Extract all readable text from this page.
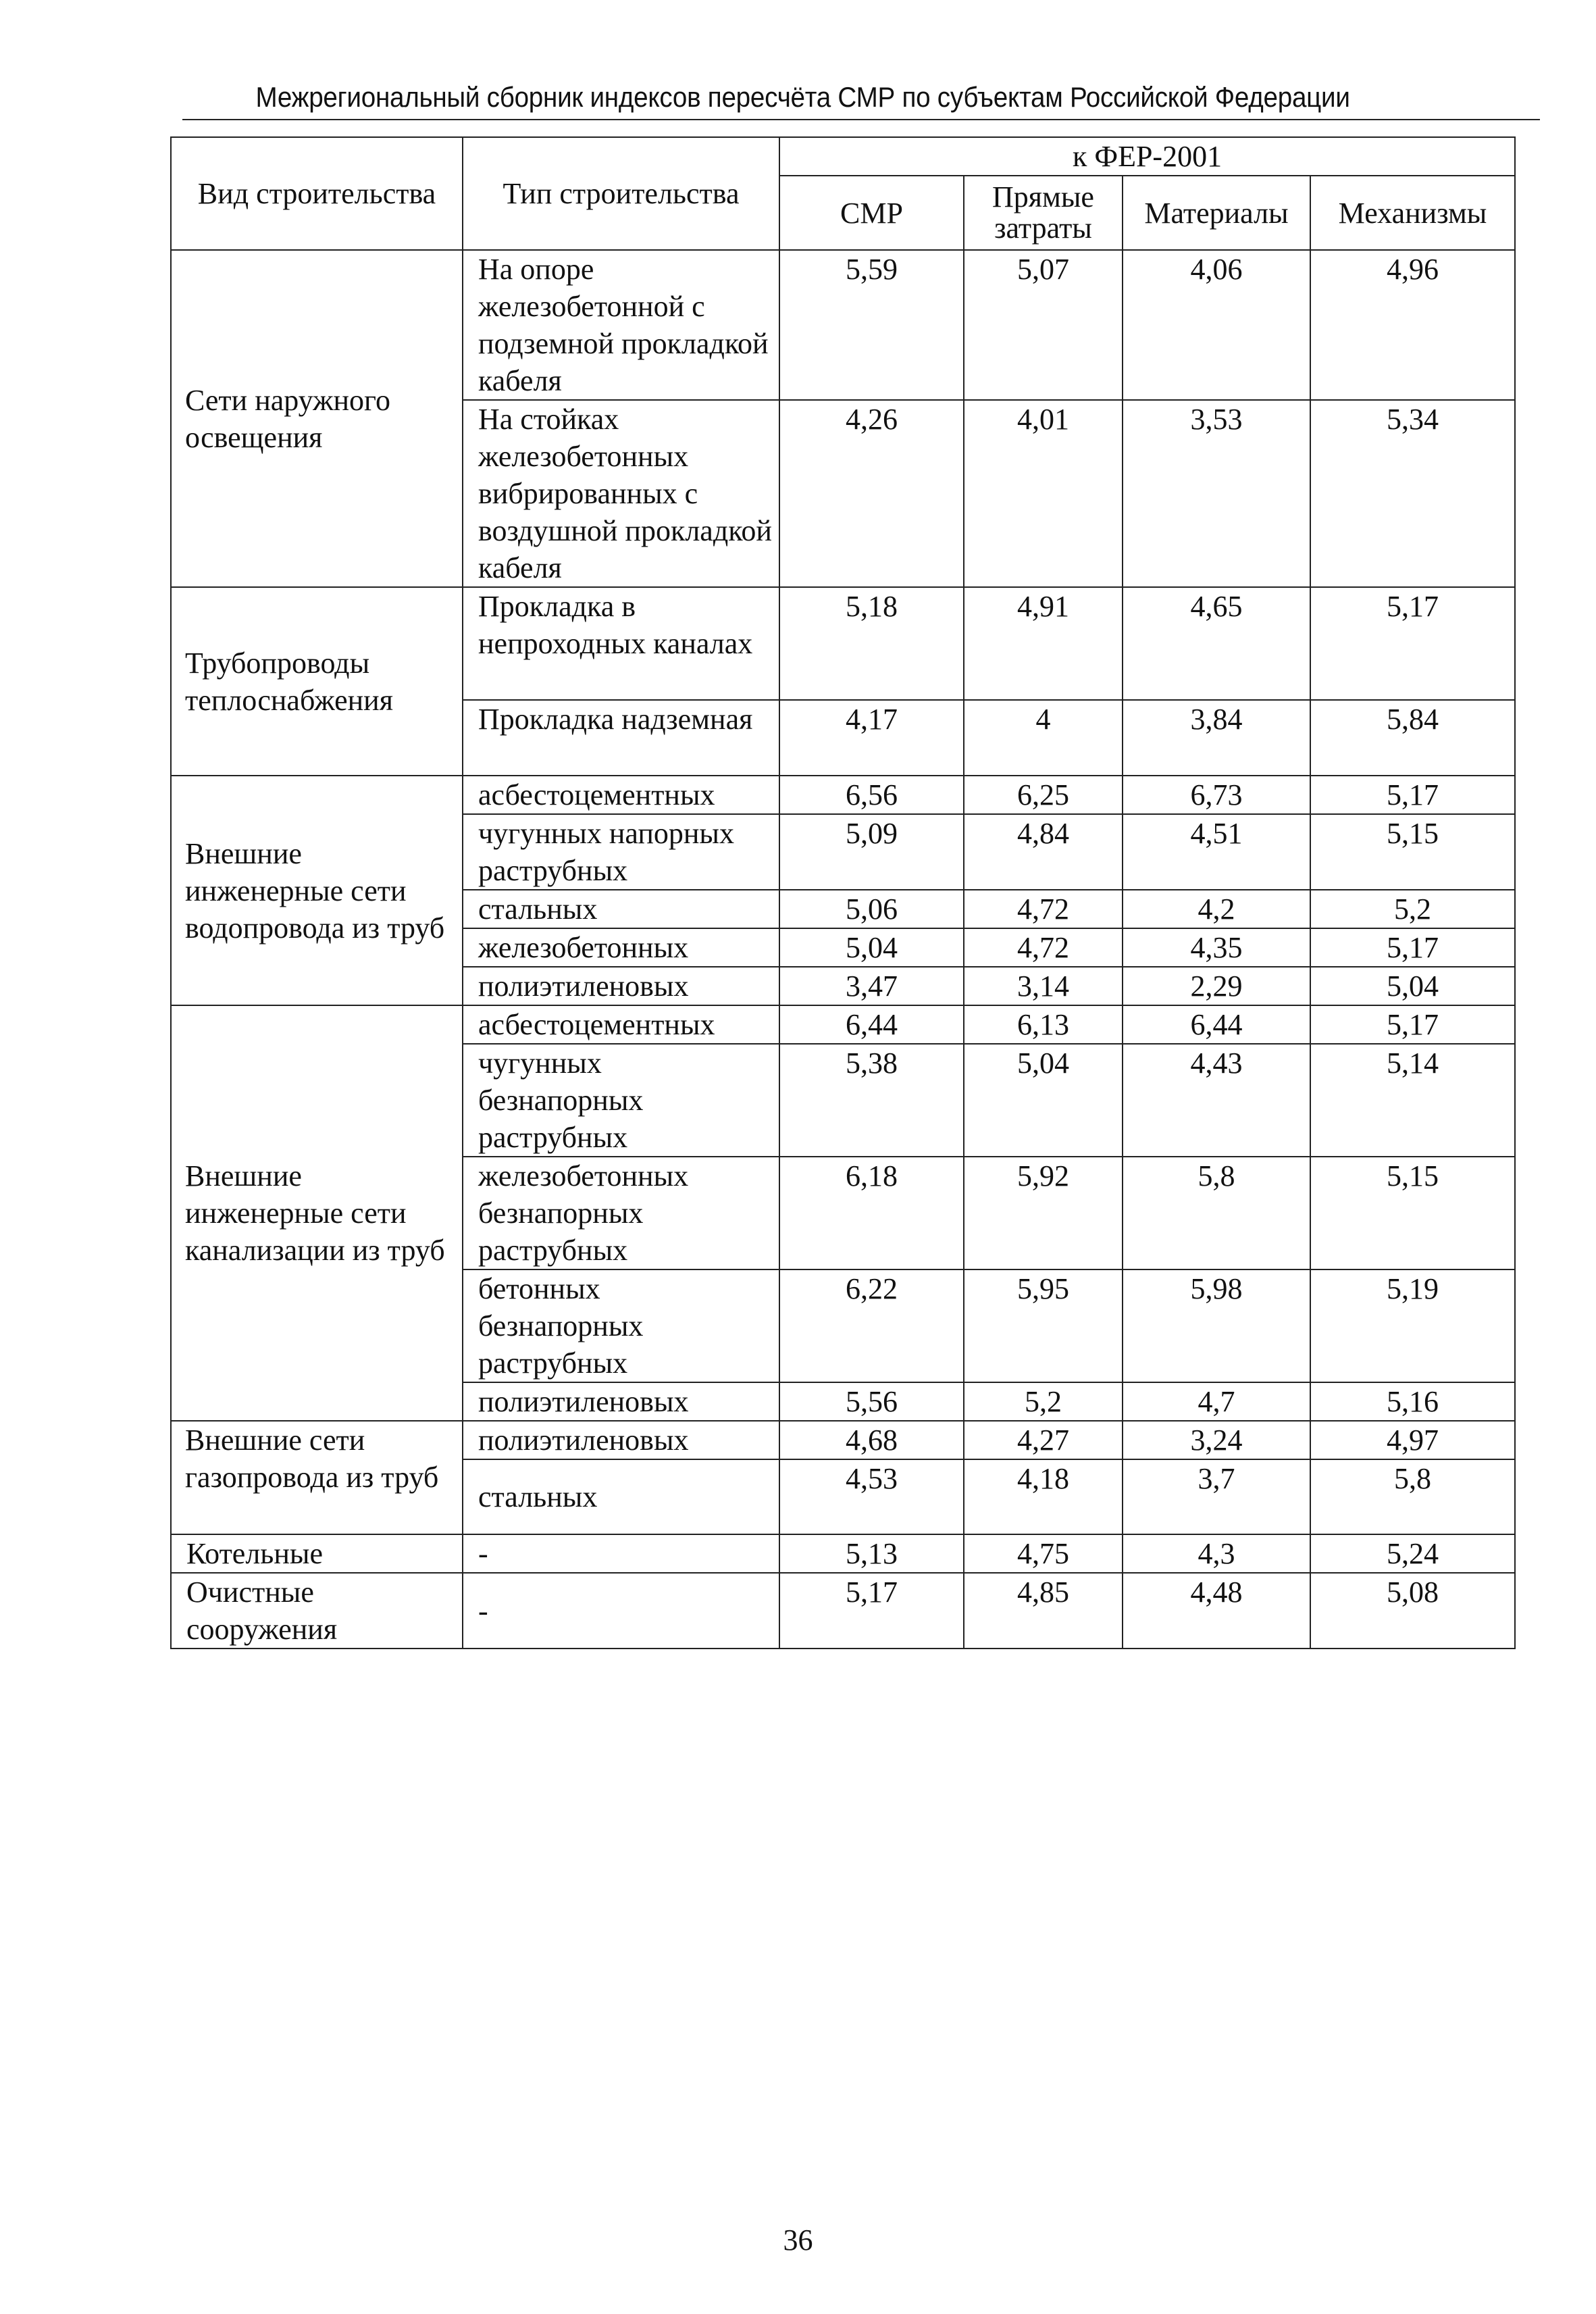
Межрегиональный сборник индексов пересчёта СМР по субъектам Российской Федерации
Вид строительства	Тип строительства	к ФЕР-2001			
		СМР	Прямые затраты	Материалы	Механизмы
Сети наружного освещения	На опоре железобетонной с подземной прокладкой кабеля	5,59	5,07	4,06	4,96
	На стойках железобетонных вибрированных с воздушной прокладкой кабеля	4,26	4,01	3,53	5,34
Трубопроводы теплоснабжения	Прокладка в непроходных каналах	5,18	4,91	4,65	5,17
	Прокладка надземная	4,17	4	3,84	5,84
Внешние инженерные сети водопровода из труб	асбестоцементных	6,56	6,25	6,73	5,17
	чугунных напорных раструбных	5,09	4,84	4,51	5,15
	стальных	5,06	4,72	4,2	5,2
	железобетонных	5,04	4,72	4,35	5,17
	полиэтиленовых	3,47	3,14	2,29	5,04
Внешние инженерные сети канализации из труб	асбестоцементных	6,44	6,13	6,44	5,17
	чугунных безнапорных раструбных	5,38	5,04	4,43	5,14
	железобетонных безнапорных раструбных	6,18	5,92	5,8	5,15
	бетонных безнапорных раструбных	6,22	5,95	5,98	5,19
	полиэтиленовых	5,56	5,2	4,7	5,16
Внешние сети газопровода из труб	полиэтиленовых	4,68	4,27	3,24	4,97
	стальных	4,53	4,18	3,7	5,8
Котельные	-	5,13	4,75	4,3	5,24
Очистные сооружения	-	5,17	4,85	4,48	5,08
36
